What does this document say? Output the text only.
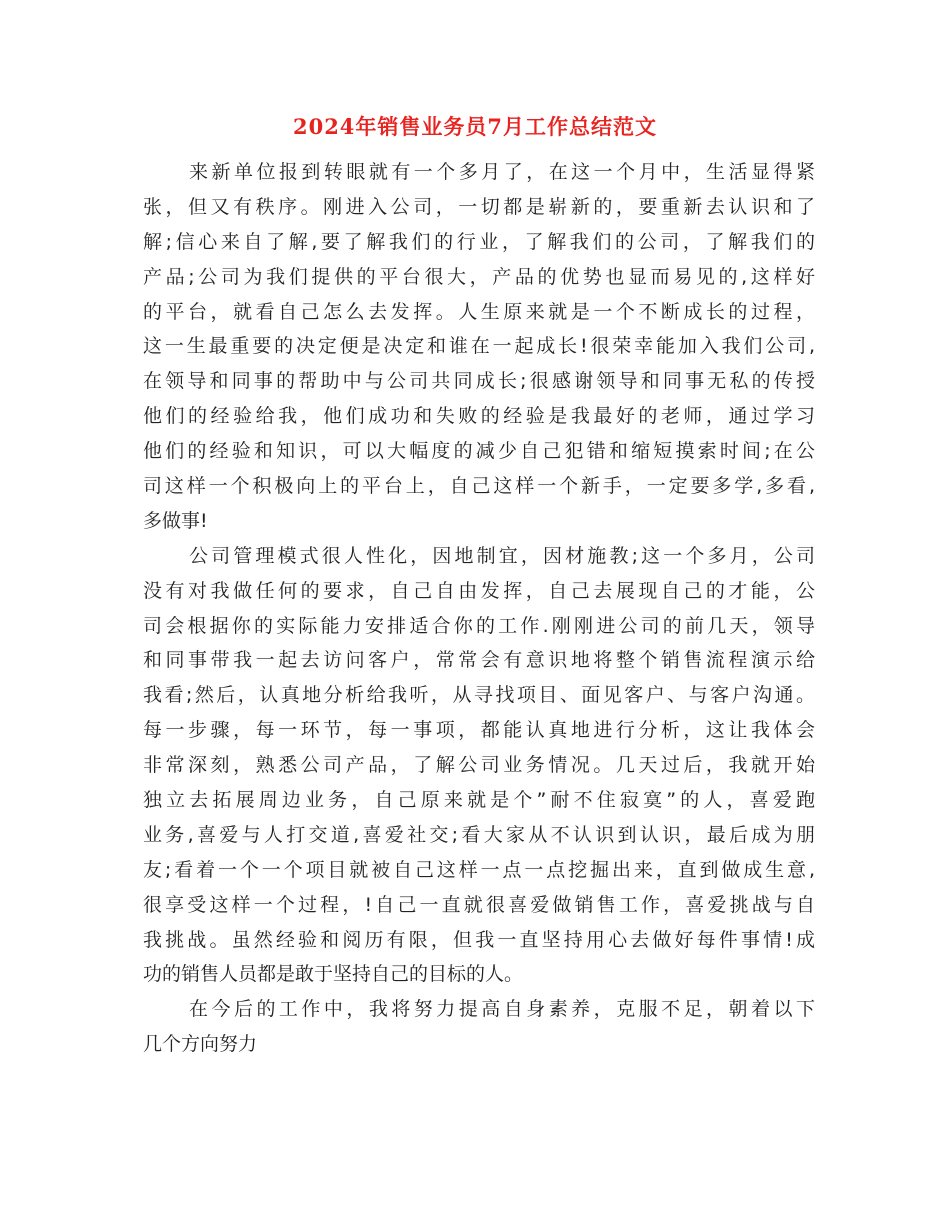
2024年销售业务员7月工作总结范文
来新单位报到转眼就有一个多月了，在这一个月中，生活显得紧
张，但又有秩序。刚进入公司，一切都是崭新的，要重新去认识和了
解;信心来自了解,要了解我们的行业，了解我们的公司，了解我们的
产品;公司为我们提供的平台很大，产品的优势也显而易见的,这样好
的平台，就看自己怎么去发挥。人生原来就是一个不断成长的过程，
这一生最重要的决定便是决定和谁在一起成长!很荣幸能加入我们公司,
在领导和同事的帮助中与公司共同成长;很感谢领导和同事无私的传授
他们的经验给我，他们成功和失败的经验是我最好的老师，通过学习
他们的经验和知识，可以大幅度的减少自己犯错和缩短摸索时间;在公
司这样一个积极向上的平台上，自己这样一个新手，一定要多学,多看,
多做事!
公司管理模式很人性化，因地制宜，因材施教;这一个多月，公司
没有对我做任何的要求，自己自由发挥，自己去展现自己的才能，公
司会根据你的实际能力安排适合你的工作.刚刚进公司的前几天，领导
和同事带我一起去访问客户，常常会有意识地将整个销售流程演示给
我看;然后，认真地分析给我听，从寻找项目、面见客户、与客户沟通。
每一步骤，每一环节，每一事项，都能认真地进行分析，这让我体会
非常深刻，熟悉公司产品，了解公司业务情况。几天过后，我就开始
独立去拓展周边业务，自己原来就是个”耐不住寂寞”的人，喜爱跑
业务,喜爱与人打交道,喜爱社交;看大家从不认识到认识，最后成为朋
友;看着一个一个项目就被自己这样一点一点挖掘出来，直到做成生意,
很享受这样一个过程，!自己一直就很喜爱做销售工作，喜爱挑战与自
我挑战。虽然经验和阅历有限，但我一直坚持用心去做好每件事情!成
功的销售人员都是敢于坚持自己的目标的人。
在今后的工作中，我将努力提高自身素养，克服不足，朝着以下
几个方向努力
